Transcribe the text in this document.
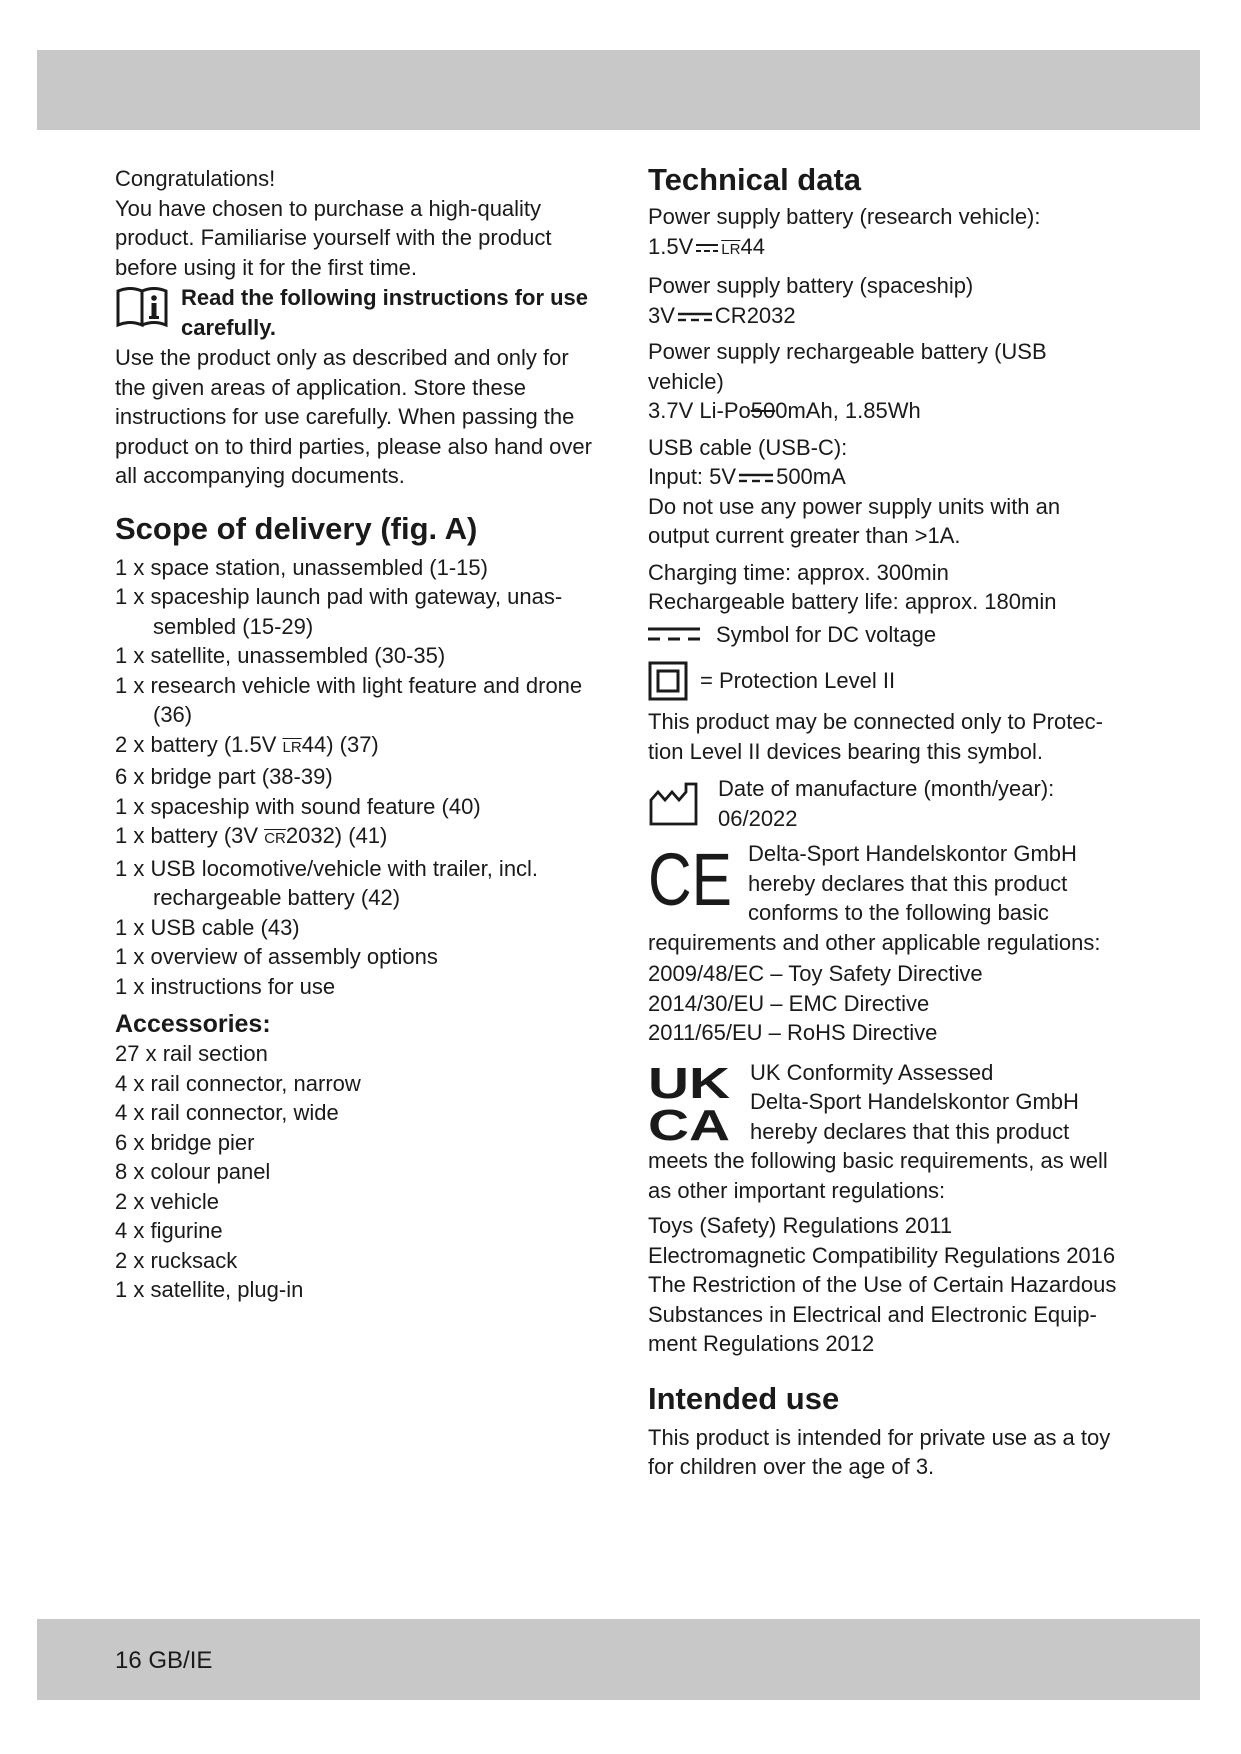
Congratulations!

You have chosen to purchase a high-quality product. Familiarise yourself with the product before using it for the first time.

Read the following instructions for use carefully.

Use the product only as described and only for the given areas of application. Store these instructions for use carefully. When passing the product on to third parties, please also hand over all accompanying documents.

Scope of delivery (fig. A)
1 x space station, unassembled (1-15)
1 x spaceship launch pad with gateway, unassembled (15-29)
1 x satellite, unassembled (30-35)
1 x research vehicle with light feature and drone (36)
2 x battery (1.5V $\overline{LR}44$) (37)
6 x bridge part (38-39)
1 x spaceship with sound feature (40)
1 x battery (3V $\overline{CR}2032$) (41)
1 x USB locomotive/vehicle with trailer, incl. rechargeable battery (42)
1 x USB cable (43)
1 x overview of assembly options
1 x instructions for use
Accessories:
27 x rail section
4 x rail connector, narrow
4 x rail connector, wide
6 x bridge pier
8 x colour panel
2 x vehicle
4 x figurine
2 x rucksack
1 x satellite, plug-in
Technical data

Power supply battery (research vehicle):

1.5V $\overline{LR}44$

Power supply battery (spaceship)

3V CR2032

Power supply rechargeable battery (USB vehicle)

3.7V Li-Po500mAh, 1.85Wh

USB cable (USB-C):

Input: 5V 500mA

Do not use any power supply units with an output current greater than >1A.

Charging time: approx. 300min

Rechargeable battery life: approx. 180min

Symbol for DC voltage
= Protection Level II

This product may be connected only to Protection Level II devices bearing this symbol.

Date of manufacture (month/year):

06/2022

CE Delta-Sport Handelskontor GmbH hereby declares that this product conforms to the following basic

requirements and other applicable regulations:

2009/48/EC – Toy Safety Directive

2014/30/EU – EMC Directive

2011/65/EU – RoHS Directive

UK
CA

UK Conformity Assessed

Delta-Sport Handelskontor GmbH hereby declares that this product

meets the following basic requirements, as well as other important regulations:

Toys (Safety) Regulations 2011

Electromagnetic Compatibility Regulations 2016

The Restriction of the Use of Certain Hazardous Substances in Electrical and Electronic Equipment Regulations 2012

Intended use

This product is intended for private use as a toy for children over the age of 3.

16 GB/IE
